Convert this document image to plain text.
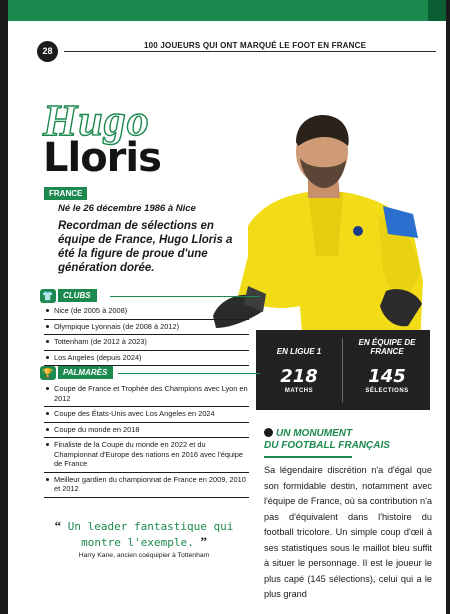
28
100 JOUEURS QUI ONT MARQUÉ LE FOOT EN FRANCE
Hugo
Lloris
FRANCE
Né le 26 décembre 1986 à Nice
Recordman de sélections en équipe de France, Hugo Lloris a été la figure de proue d'une génération dorée.
EN LIGUE 1
218
MATCHS
EN ÉQUIPE DE FRANCE
145
SÉLECTIONS
👕	CLUBS
Nice (de 2005 à 2008)
Olympique Lyonnais (de 2008 à 2012)
Tottenham (de 2012 à 2023)
Los Angeles (depuis 2024)
🏆	PALMARÈS
Coupe de France et Trophée des Champions avec Lyon en 2012
Coupe des États-Unis avec Los Angeles en 2024
Coupe du monde en 2018
Finaliste de la Coupe du monde en 2022 et du Championnat d'Europe des nations en 2016 avec l'équipe de France
Meilleur gardien du championnat de France en 2009, 2010 et 2012
UN MONUMENT
DU FOOTBALL FRANÇAIS
Sa légendaire discrétion n'a d'égal que son formidable destin, notamment avec l'équipe de France, où sa contribution n'a pas d'équivalent dans l'histoire du football tricolore. Un simple coup d'œil à ses statistiques sous le maillot bleu suffit à situer le personnage. Il est le joueur le plus capé (145 sélections), celui qui a le plus grand
“ Un leader fantastique qui montre l'exemple. ”
Harry Kane, ancien coéquipier à Tottenham
